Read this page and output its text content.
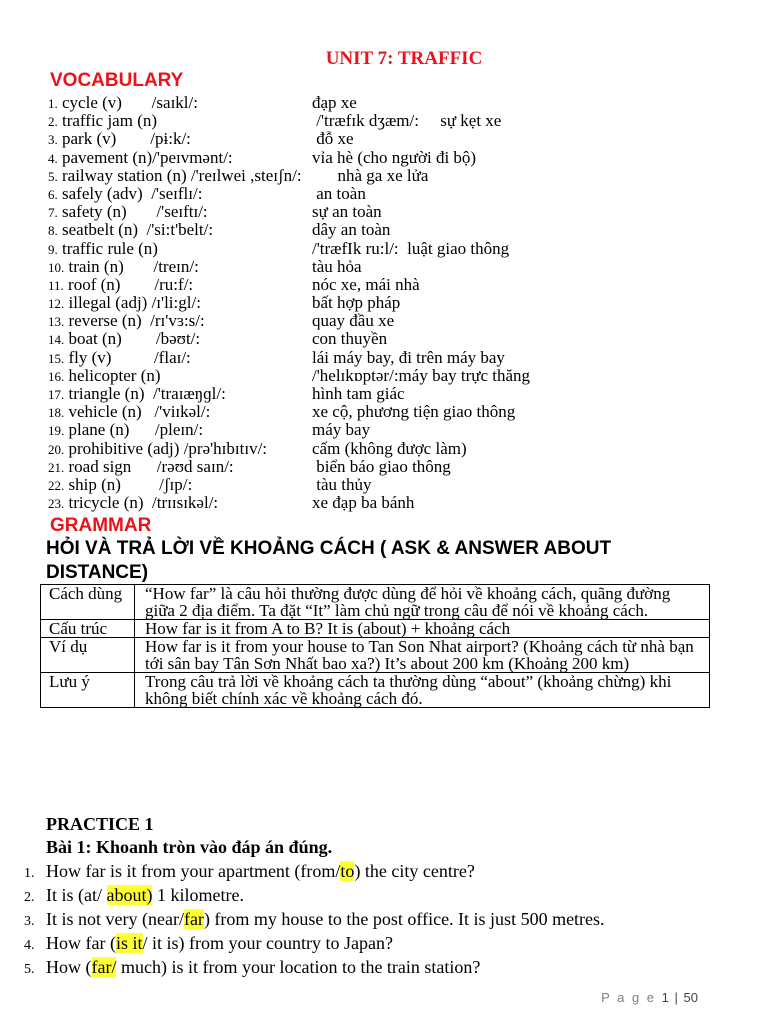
UNIT 7: TRAFFIC
VOCABULARY
1. cycle (v)       /saɪkl/:	đạp xe
2. traffic jam (n)	/'træfɪk dʒæm/:     sự kẹt xe
3. park (v)        /pɨ:k/:	đỗ xe
4. pavement (n)/'peɪvmənt/:	vỉa hè (cho người đi bộ)
5. railway station (n) /'reɪlwei ,steɪʃn/: nhà ga xe lửa
6. safely (adv)  /'seɪflɪ/:	an toàn
7. safety (n)       /'seɪftɪ/:	sự an toàn
8. seatbelt (n)  /'si:t'belt/:	dây an toàn
9. traffic rule (n)	/'træfIk ru:l/:  luật giao thông
10. train (n)       /treɪn/:	tàu hỏa
11. roof (n)        /ru:f/:	nóc xe, mái nhà
12. illegal (adj) /ɪ'li:gl/:	bất hợp pháp
13. reverse (n)  /rɪ'vɜ:s/:	quay đầu xe
14. boat (n)        /bəʊt/:	con thuyền
15. fly (v)          /flaɪ/:	lái máy bay, đi trên máy bay
16. helicopter (n)	/'helɪkɒptər/:máy bay trực thăng
17. triangle (n)  /'traɪæŋɡl/:	hình tam giác
18. vehicle (n)   /'viɪkəl/:	xe cộ, phương tiện giao thông
19. plane (n)      /pleɪn/:	máy bay
20. prohibitive (adj) /prə'hɪbɪtɪv/:	cấm (không được làm)
21. road sign      /rəʊd saɪn/:	biển báo giao thông
22. ship (n)         /ʃɪp/:	tàu thủy
23. tricycle (n)  /trɪɪsɪkəl/:	xe đạp ba bánh
GRAMMAR
HỎI VÀ TRẢ LỜI VỀ KHOẢNG CÁCH ( ASK & ANSWER ABOUT DISTANCE)
Cách dùng	“How far” là câu hỏi thường được dùng để hỏi về khoảng cách, quãng đường giữa 2 địa điểm. Ta đặt “It” làm chủ ngữ trong câu để nói về khoảng cách.
Cấu trúc	How far is it from A to B? It is (about) + khoảng cách
Ví dụ	How far is it from your house to Tan Son Nhat airport? (Khoảng cách từ nhà bạn tới sân bay Tân Sơn Nhất bao xa?) It’s about 200 km (Khoảng 200 km)
Lưu ý	Trong câu trả lời về khoảng cách ta thường dùng “about” (khoảng chừng) khi không biết chính xác về khoảng cách đó.
PRACTICE 1
Bài 1: Khoanh tròn vào đáp án đúng.
1. How far is it from your apartment (from/to) the city centre?
2. It is (at/ about) 1 kilometre.
3. It is not very (near/far) from my house to the post office. It is just 500 metres.
4. How far (is it/ it is) from your country to Japan?
5. How (far/ much) is it from your location to the train station?
P a g e 1 | 50
